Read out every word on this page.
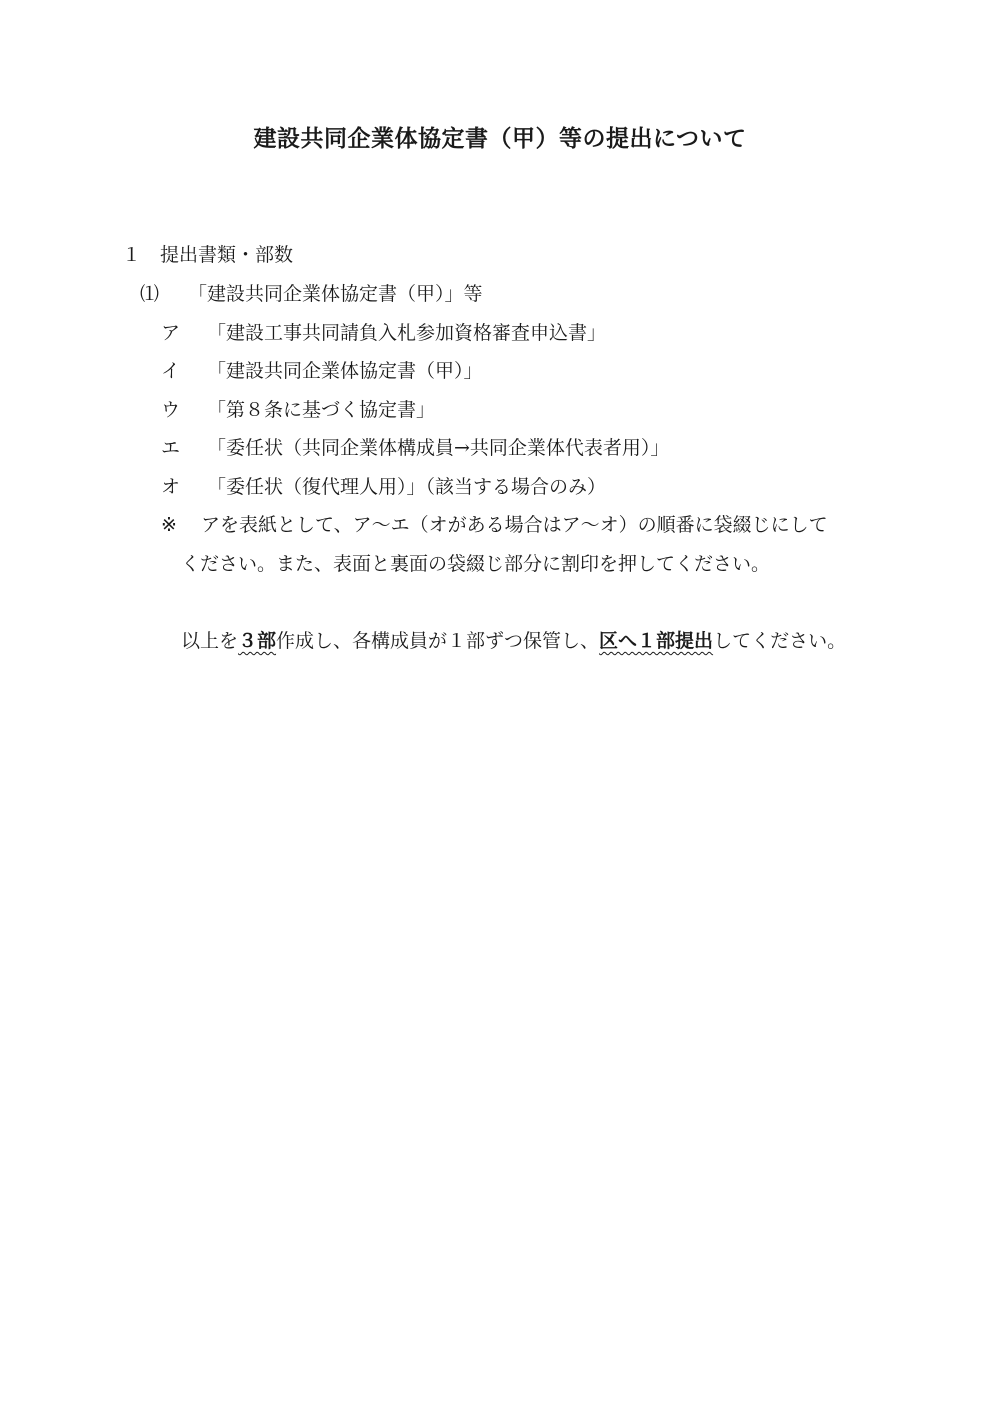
建設共同企業体協定書（甲）等の提出について
１ 提出書類・部数
⑴ 「建設共同企業体協定書（甲）」等
ア 「建設工事共同請負入札参加資格審査申込書」
イ 「建設共同企業体協定書（甲）」
ウ 「第８条に基づく協定書」
エ 「委任状（共同企業体構成員→共同企業体代表者用）」
オ 「委任状（復代理人用）」（該当する場合のみ）
※ アを表紙として、ア～エ（オがある場合はア～オ）の順番に袋綴じにして
ください。また、表面と裏面の袋綴じ部分に割印を押してください。
以上を３部作成し、各構成員が１部ずつ保管し、区へ１部提出してください。
